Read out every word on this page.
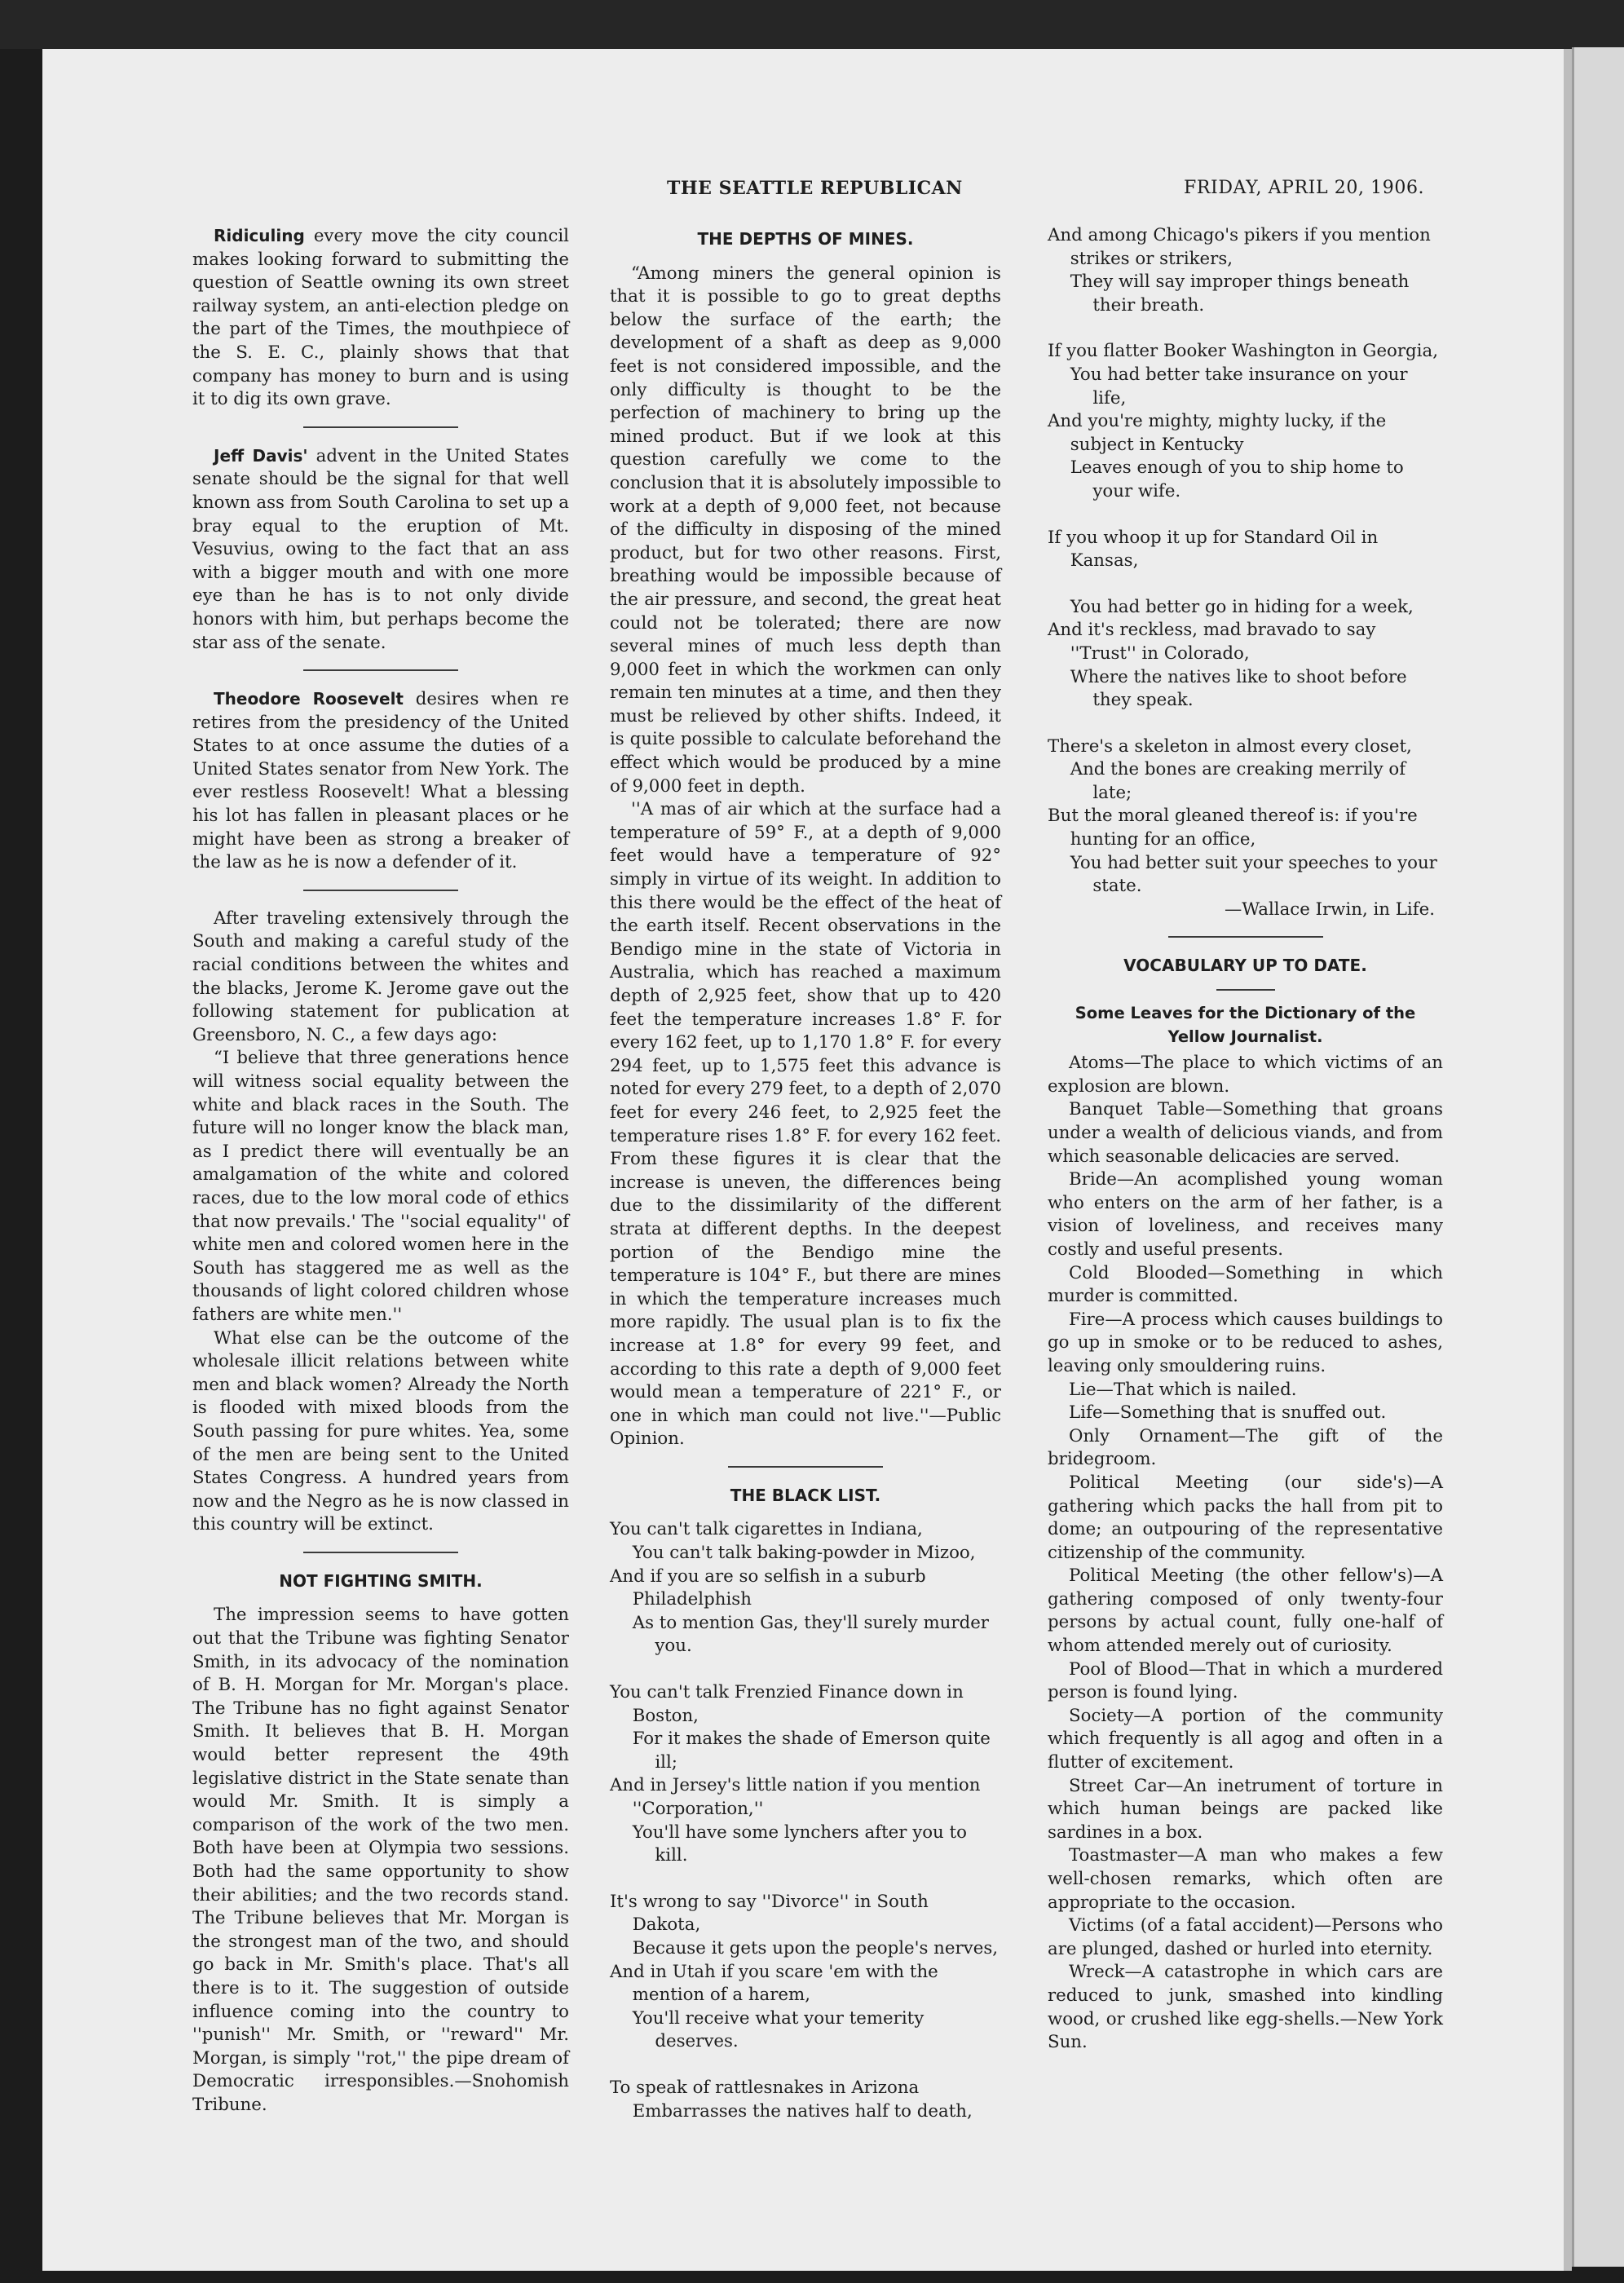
THE SEATTLE REPUBLICAN	FRIDAY, APRIL 20, 1906.

Ridiculing every move the city council makes looking forward to submitting the question of Seattle owning its own street railway system, an anti-election pledge on the part of the Times, the mouthpiece of the S. E. C., plainly shows that that company has money to burn and is using it to dig its own grave.

Jeff Davis' advent in the United States senate should be the signal for that well known ass from South Carolina to set up a bray equal to the eruption of Mt. Vesuvius, owing to the fact that an ass with a bigger mouth and with one more eye than he has is to not only divide honors with him, but perhaps become the star ass of the senate.

Theodore Roosevelt desires when re retires from the presidency of the United States to at once assume the duties of a United States senator from New York. The ever restless Roosevelt! What a blessing his lot has fallen in pleasant places or he might have been as strong a breaker of the law as he is now a defender of it.

After traveling extensively through the South and making a careful study of the racial conditions between the whites and the blacks, Jerome K. Jerome gave out the following statement for publication at Greensboro, N. C., a few days ago:

“I believe that three generations hence will witness social equality between the white and black races in the South. The future will no longer know the black man, as I predict there will eventually be an amalgamation of the white and colored races, due to the low moral code of ethics that now prevails.' The ''social equality'' of white men and colored women here in the South has staggered me as well as the thousands of light colored children whose fathers are white men.''

What else can be the outcome of the wholesale illicit relations between white men and black women? Already the North is flooded with mixed bloods from the South passing for pure whites. Yea, some of the men are being sent to the United States Congress. A hundred years from now and the Negro as he is now classed in this country will be extinct.

NOT FIGHTING SMITH.

The impression seems to have gotten out that the Tribune was fighting Senator Smith, in its advocacy of the nomination of B. H. Morgan for Mr. Morgan's place. The Tribune has no fight against Senator Smith. It believes that B. H. Morgan would better represent the 49th legislative district in the State senate than would Mr. Smith. It is simply a comparison of the work of the two men. Both have been at Olympia two sessions. Both had the same opportunity to show their abilities; and the two records stand. The Tribune believes that Mr. Morgan is the strongest man of the two, and should go back in Mr. Smith's place. That's all there is to it. The suggestion of outside influence coming into the country to ''punish'' Mr. Smith, or ''reward'' Mr. Morgan, is simply ''rot,'' the pipe dream of Democratic irresponsibles.—Snohomish Tribune.

THE DEPTHS OF MINES.

“Among miners the general opinion is that it is possible to go to great depths below the surface of the earth; the development of a shaft as deep as 9,000 feet is not considered impossible, and the only difficulty is thought to be the perfection of machinery to bring up the mined product. But if we look at this question carefully we come to the conclusion that it is absolutely impossible to work at a depth of 9,000 feet, not because of the difficulty in disposing of the mined product, but for two other reasons. First, breathing would be impossible because of the air pressure, and second, the great heat could not be tolerated; there are now several mines of much less depth than 9,000 feet in which the workmen can only remain ten minutes at a time, and then they must be relieved by other shifts. Indeed, it is quite possible to calculate beforehand the effect which would be produced by a mine of 9,000 feet in depth.

''A mas of air which at the surface had a temperature of 59° F., at a depth of 9,000 feet would have a temperature of 92° simply in virtue of its weight. In addition to this there would be the effect of the heat of the earth itself. Recent observations in the Bendigo mine in the state of Victoria in Australia, which has reached a maximum depth of 2,925 feet, show that up to 420 feet the temperature increases 1.8° F. for every 162 feet, up to 1,170 1.8° F. for every 294 feet, up to 1,575 feet this advance is noted for every 279 feet, to a depth of 2,070 feet for every 246 feet, to 2,925 feet the temperature rises 1.8° F. for every 162 feet. From these figures it is clear that the increase is uneven, the differences being due to the dissimilarity of the different strata at different depths. In the deepest portion of the Bendigo mine the temperature is 104° F., but there are mines in which the temperature increases much more rapidly. The usual plan is to fix the increase at 1.8° for every 99 feet, and according to this rate a depth of 9,000 feet would mean a temperature of 221° F., or one in which man could not live.''—Public Opinion.

THE BLACK LIST.
You can't talk cigarettes in Indiana,
You can't talk baking-powder in Mizoo,
And if you are so selfish in a suburb Philadelphish
As to mention Gas, they'll surely murder you.
You can't talk Frenzied Finance down in Boston,
For it makes the shade of Emerson quite ill;
And in Jersey's little nation if you mention ''Corporation,''
You'll have some lynchers after you to kill.
It's wrong to say ''Divorce'' in South Dakota,
Because it gets upon the people's nerves,
And in Utah if you scare 'em with the mention of a harem,
You'll receive what your temerity deserves.
To speak of rattlesnakes in Arizona
Embarrasses the natives half to death,
And among Chicago's pikers if you mention strikes or strikers,
They will say improper things beneath their breath.
If you flatter Booker Washington in Georgia,
You had better take insurance on your life,
And you're mighty, mighty lucky, if the subject in Kentucky
Leaves enough of you to ship home to your wife.
If you whoop it up for Standard Oil in Kansas,
You had better go in hiding for a week,
And it's reckless, mad bravado to say ''Trust'' in Colorado,
Where the natives like to shoot before they speak.
There's a skeleton in almost every closet,
And the bones are creaking merrily of late;
But the moral gleaned thereof is: if you're hunting for an office,
You had better suit your speeches to your state.
—Wallace Irwin, in Life.
VOCABULARY UP TO DATE.
Some Leaves for the Dictionary of the Yellow Journalist.

Atoms—The place to which victims of an explosion are blown.

Banquet Table—Something that groans under a wealth of delicious viands, and from which seasonable delicacies are served.

Bride—An acomplished young woman who enters on the arm of her father, is a vision of loveliness, and receives many costly and useful presents.

Cold Blooded—Something in which murder is committed.

Fire—A process which causes buildings to go up in smoke or to be reduced to ashes, leaving only smouldering ruins.

Lie—That which is nailed.

Life—Something that is snuffed out.

Only Ornament—The gift of the bridegroom.

Political Meeting (our side's)—A gathering which packs the hall from pit to dome; an outpouring of the representative citizenship of the community.

Political Meeting (the other fellow's)—A gathering composed of only twenty-four persons by actual count, fully one-half of whom attended merely out of curiosity.

Pool of Blood—That in which a murdered person is found lying.

Society—A portion of the community which frequently is all agog and often in a flutter of excitement.

Street Car—An inetrument of torture in which human beings are packed like sardines in a box.

Toastmaster—A man who makes a few well-chosen remarks, which often are appropriate to the occasion.

Victims (of a fatal accident)—Persons who are plunged, dashed or hurled into eternity.

Wreck—A catastrophe in which cars are reduced to junk, smashed into kindling wood, or crushed like egg-shells.—New York Sun.
